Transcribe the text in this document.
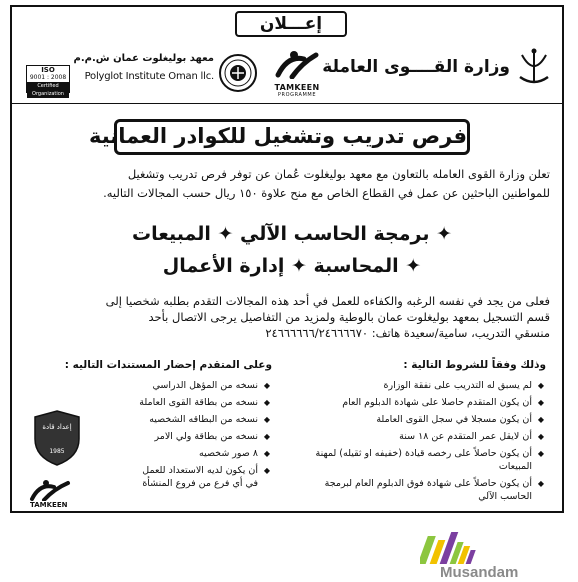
إعـــلان
وزارة القــــوى العاملة
TAMKEEN
PROGRAMME
معهد بوليغلوت عمان ش.م.م
Polyglot Institute Oman llc.
ISO
9001 : 2008
Certified Organization
فرص تدريب وتشغيل للكوادر العمانية
تعلن وزارة القوى العامله بالتعاون مع معهد بوليغلوت عُمان عن توفر فرص تدريب وتشغيل
للمواطنين الباحثين عن عمل في القطاع الخاص مع منح علاوة ١٥٠ ريال حسب المجالات التاليه.
✦ برمجة الحاسب الآلي ✦ المبيعات
✦ المحاسبة ✦ إدارة الأعمال
فعلى من يجد في نفسه الرغبه والكفاءه للعمل في أحد هذه المجالات التقدم بطلبه شخصيا إلى
قسم التسجيل بمعهد بوليغلوت عمان بالوطية ولمزيد من التفاصيل يرجى الاتصال بأحد
منسقي التدريب، سامية/سعيدة هاتف: ٢٤٦٦٦٦٦٦/٢٤٦٦٦٦٧٠
وذلك وفقاً للشروط التالية :
وعلى المتقدم إحضار المستندات التاليه :
◆
لم يسبق له التدريب على نفقة الوزارة
◆
أن يكون المتقدم حاصلا على شهادة الدبلوم العام
◆
أن يكون مسجلا في سجل القوى العاملة
◆
أن لايقل عمر المتقدم عن ١٨ سنة
◆
أن يكون حاصلاً على رخصه قيادة (خفيفه او ثقيله) لمهنة المبيعات
◆
أن يكون حاصلاً على شهادة فوق الدبلوم العام لبرمجة الحاسب الآلي
◆
نسخه من المؤهل الدراسي
◆
نسخه من بطاقة القوى العاملة
◆
نسخه من البطاقه الشخصيه
◆
نسخه من بطاقة ولي الامر
◆
٨ صور شخصيه
◆
أن يكون لديه الاستعداد للعمل في أي فرع من فروع المنشأة
إعداد قادة
1985
TAMKEEN
Musandam
